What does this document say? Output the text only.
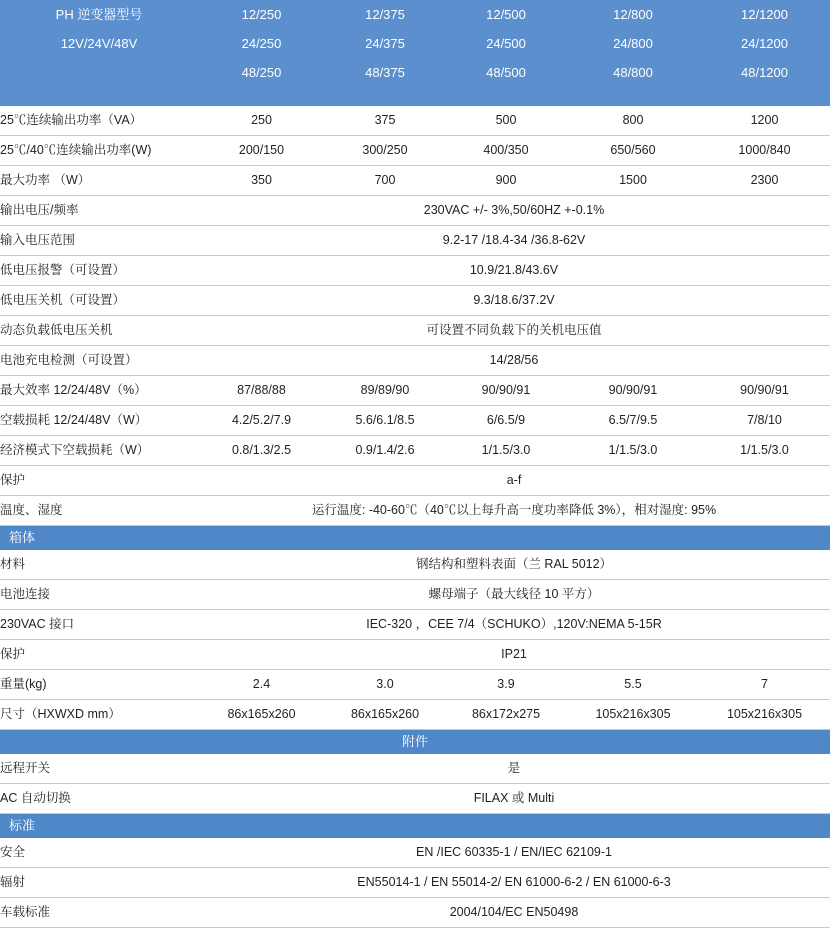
PH 逆变器型号	12/250	12/375	12/500	12/800	12/1200
12V/24V/48V	24/250	24/375	24/500	24/800	24/1200
	48/250	48/375	48/500	48/800	48/1200

25℃连续输出功率（VA）	250	375	500	800	1200
25℃/40℃连续输出功率(W)	200/150	300/250	400/350	650/560	1000/840
最大功率 （W）	350	700	900	1500	2300
输出电压/频率	230VAC +/- 3%,50/60HZ +-0.1%				
输入电压范围	9.2-17 /18.4-34 /36.8-62V				
低电压报警（可设置）	10.9/21.8/43.6V				
低电压关机（可设置）	9.3/18.6/37.2V				
动态负载低电压关机	可设置不同负载下的关机电压值				
电池充电检测（可设置）	14/28/56				
最大效率 12/24/48V（%）	87/88/88	89/89/90	90/90/91	90/90/91	90/90/91
空载损耗 12/24/48V（W）	4.2/5.2/7.9	5.6/6.1/8.5	6/6.5/9	6.5/7/9.5	7/8/10
经济模式下空载损耗（W）	0.8/1.3/2.5	0.9/1.4/2.6	1/1.5/3.0	1/1.5/3.0	1/1.5/3.0
保护	a-f				
温度、湿度	运行温度: -40-60℃（40℃以上每升高一度功率降低 3%），相对湿度: 95%				
箱体					
材料	钢结构和塑料表面（兰 RAL 5012）				
电池连接	螺母端子（最大线径 10 平方）				
230VAC 接口	IEC-320 ，CEE 7/4（SCHUKO）,120V:NEMA 5-15R				
保护	IP21				
重量(kg)	2.4	3.0	3.9	5.5	7
尺寸（HXWXD mm）	86x165x260	86x165x260	86x172x275	105x216x305	105x216x305
附件					
远程开关	是				
AC 自动切换	FILAX 或 Multi				
标准					
安全	EN /IEC 60335-1 / EN/IEC 62109-1				
辐射	EN55014-1 / EN 55014-2/ EN 61000-6-2 / EN 61000-6-3				
车载标准	2004/104/EC EN50498				
